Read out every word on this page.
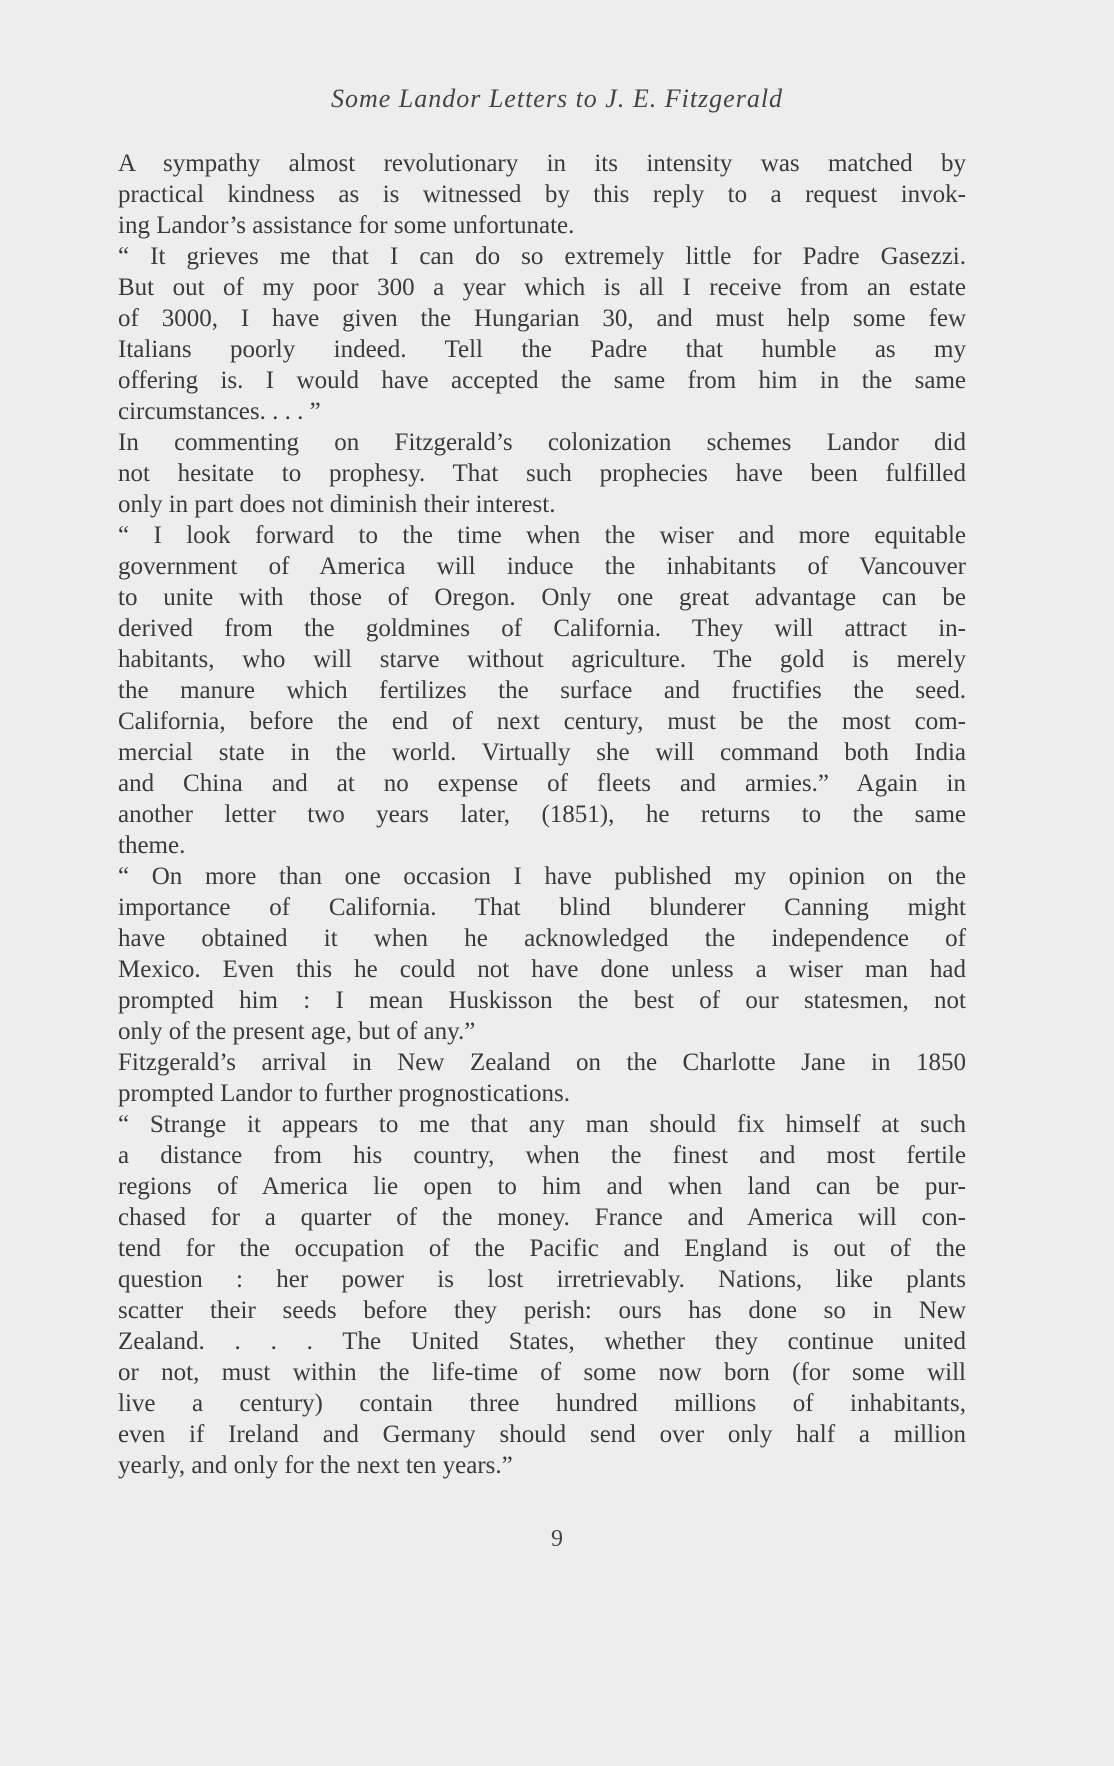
Some Landor Letters to J. E. Fitzgerald
A sympathy almost revolutionary in its intensity was matched by
practical kindness as is witnessed by this reply to a request invok-
ing Landor’s assistance for some unfortunate.
“ It grieves me that I can do so extremely little for Padre Gasezzi.
But out of my poor 300 a year which is all I receive from an estate
of 3000, I have given the Hungarian 30, and must help some few
Italians poorly indeed. Tell the Padre that humble as my
offering is. I would have accepted the same from him in the same
circumstances. . . . ”
In commenting on Fitzgerald’s colonization schemes Landor did
not hesitate to prophesy. That such prophecies have been fulfilled
only in part does not diminish their interest.
“ I look forward to the time when the wiser and more equitable
government of America will induce the inhabitants of Vancouver
to unite with those of Oregon. Only one great advantage can be
derived from the goldmines of California. They will attract in-
habitants, who will starve without agriculture. The gold is merely
the manure which fertilizes the surface and fructifies the seed.
California, before the end of next century, must be the most com-
mercial state in the world. Virtually she will command both India
and China and at no expense of fleets and armies.” Again in
another letter two years later, (1851), he returns to the same
theme.
“ On more than one occasion I have published my opinion on the
importance of California. That blind blunderer Canning might
have obtained it when he acknowledged the independence of
Mexico. Even this he could not have done unless a wiser man had
prompted him : I mean Huskisson the best of our statesmen, not
only of the present age, but of any.”
Fitzgerald’s arrival in New Zealand on the Charlotte Jane in 1850
prompted Landor to further prognostications.
“ Strange it appears to me that any man should fix himself at such
a distance from his country, when the finest and most fertile
regions of America lie open to him and when land can be pur-
chased for a quarter of the money. France and America will con-
tend for the occupation of the Pacific and England is out of the
question : her power is lost irretrievably. Nations, like plants
scatter their seeds before they perish: ours has done so in New
Zealand. . . . The United States, whether they continue united
or not, must within the life-time of some now born (for some will
live a century) contain three hundred millions of inhabitants,
even if Ireland and Germany should send over only half a million
yearly, and only for the next ten years.”
9
